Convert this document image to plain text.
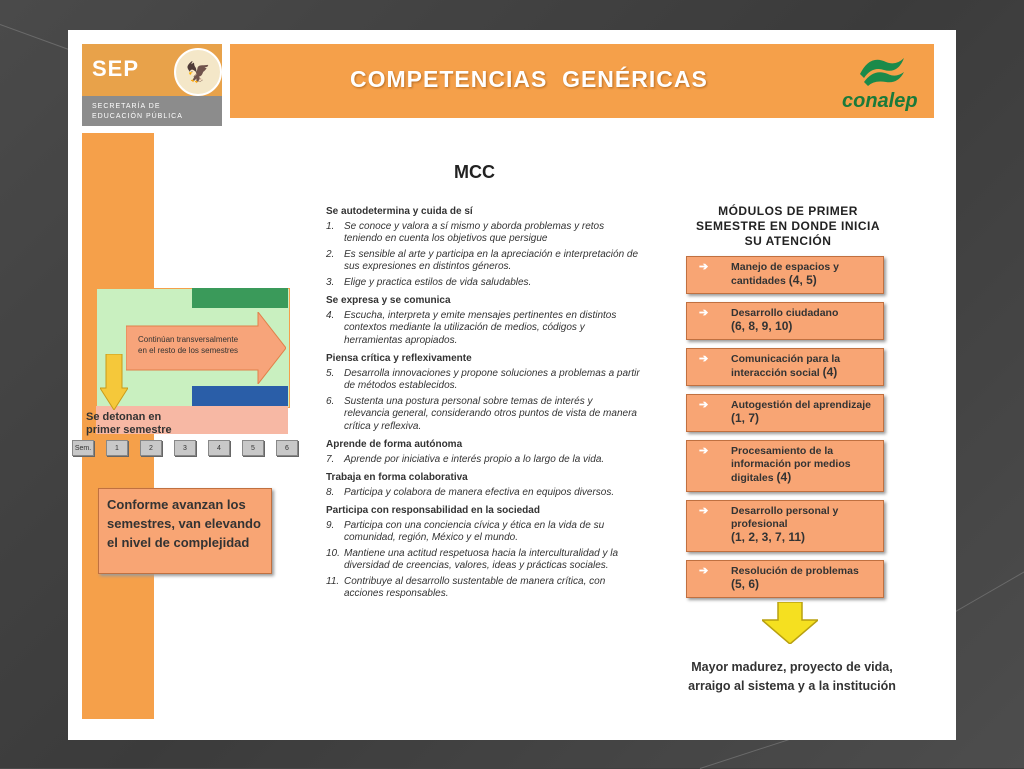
SEP	🦅
SECRETARÍA DE
EDUCACIÓN PÚBLICA
COMPETENCIAS  GENÉRICAS
conalep
Continúan transversalmente
en el resto de los semestres
Se detonan en
primer semestre
Sem.	1	2	3	4	5	6
Conforme avanzan los semestres, van elevando el nivel de complejidad
MCC
Se autodetermina y cuida de sí
1. Se conoce y valora a sí mismo y aborda problemas y retos teniendo en cuenta los objetivos que persigue
2. Es sensible al arte y participa en la apreciación e interpretación de sus expresiones en distintos géneros.
3. Elige y practica estilos de vida saludables.
Se expresa y se comunica
4. Escucha, interpreta y emite mensajes pertinentes en distintos contextos mediante la utilización de medios, códigos y herramientas apropiados.
Piensa crítica y reflexivamente
5. Desarrolla innovaciones y propone soluciones a problemas a partir de métodos establecidos.
6. Sustenta una postura personal sobre temas de interés y relevancia general, considerando otros puntos de vista de manera crítica y reflexiva.
Aprende de forma autónoma
7. Aprende por iniciativa e interés propio a lo largo de la vida.
Trabaja en forma colaborativa
8. Participa y colabora de manera efectiva en equipos diversos.
Participa con responsabilidad en la sociedad
9. Participa con una conciencia cívica y ética en la vida de su comunidad, región, México y el mundo.
10. Mantiene una actitud respetuosa hacia la interculturalidad y la diversidad de creencias, valores, ideas y prácticas sociales.
11. Contribuye al desarrollo sustentable de manera crítica, con acciones responsables.
MÓDULOS DE PRIMER
SEMESTRE EN DONDE INICIA
SU ATENCIÓN
➔ Manejo de espacios y cantidades (4, 5)
➔ Desarrollo ciudadano
(6, 8, 9, 10)
➔ Comunicación para la interacción social (4)
➔ Autogestión del aprendizaje (1, 7)
➔ Procesamiento de la información por medios digitales (4)
➔ Desarrollo personal y profesional
(1, 2, 3, 7, 11)
➔ Resolución de problemas
(5, 6)
Mayor madurez, proyecto de vida,
arraigo al sistema y a la institución
